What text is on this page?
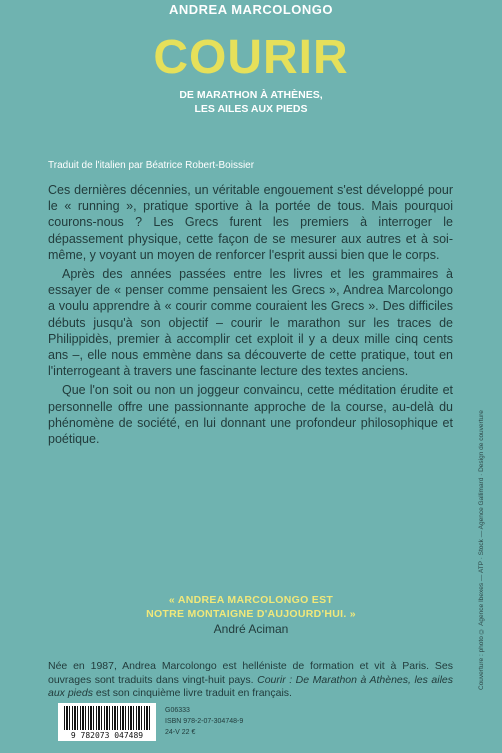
ANDREA MARCOLONGO
COURIR
DE MARATHON À ATHÈNES,
LES AILES AUX PIEDS
Traduit de l'italien par Béatrice Robert-Boissier

Ces dernières décennies, un véritable engouement s'est développé pour le « running », pratique sportive à la portée de tous. Mais pourquoi courons-nous ? Les Grecs furent les premiers à interroger le dépassement physique, cette façon de se mesurer aux autres et à soi-même, y voyant un moyen de renforcer l'esprit aussi bien que le corps.

Après des années passées entre les livres et les grammaires à essayer de « penser comme pensaient les Grecs », Andrea Marcolongo a voulu apprendre à « courir comme couraient les Grecs ». Des difficiles débuts jusqu'à son objectif – courir le marathon sur les traces de Philippidès, premier à accomplir cet exploit il y a deux mille cinq cents ans –, elle nous emmène dans sa découverte de cette pratique, tout en l'interrogeant à travers une fascinante lecture des textes anciens.

Que l'on soit ou non un joggeur convaincu, cette méditation érudite et personnelle offre une passionnante approche de la course, au-delà du phénomène de société, en lui donnant une profondeur philosophique et poétique.

« ANDREA MARCOLONGO EST
NOTRE MONTAIGNE D'AUJOURD'HUI. »
André Aciman
Née en 1987, Andrea Marcolongo est helléniste de formation et vit à Paris. Ses ouvrages sont traduits dans vingt-huit pays. Courir : De Marathon à Athènes, les ailes aux pieds est son cinquième livre traduit en français.
9 782073 047489
G06333
ISBN 978-2-07-304748-9
24-V 22 €
Couverture : photo © Agence Ibexes — ATP · Stock — Agence Gallimard · Design de couverture
